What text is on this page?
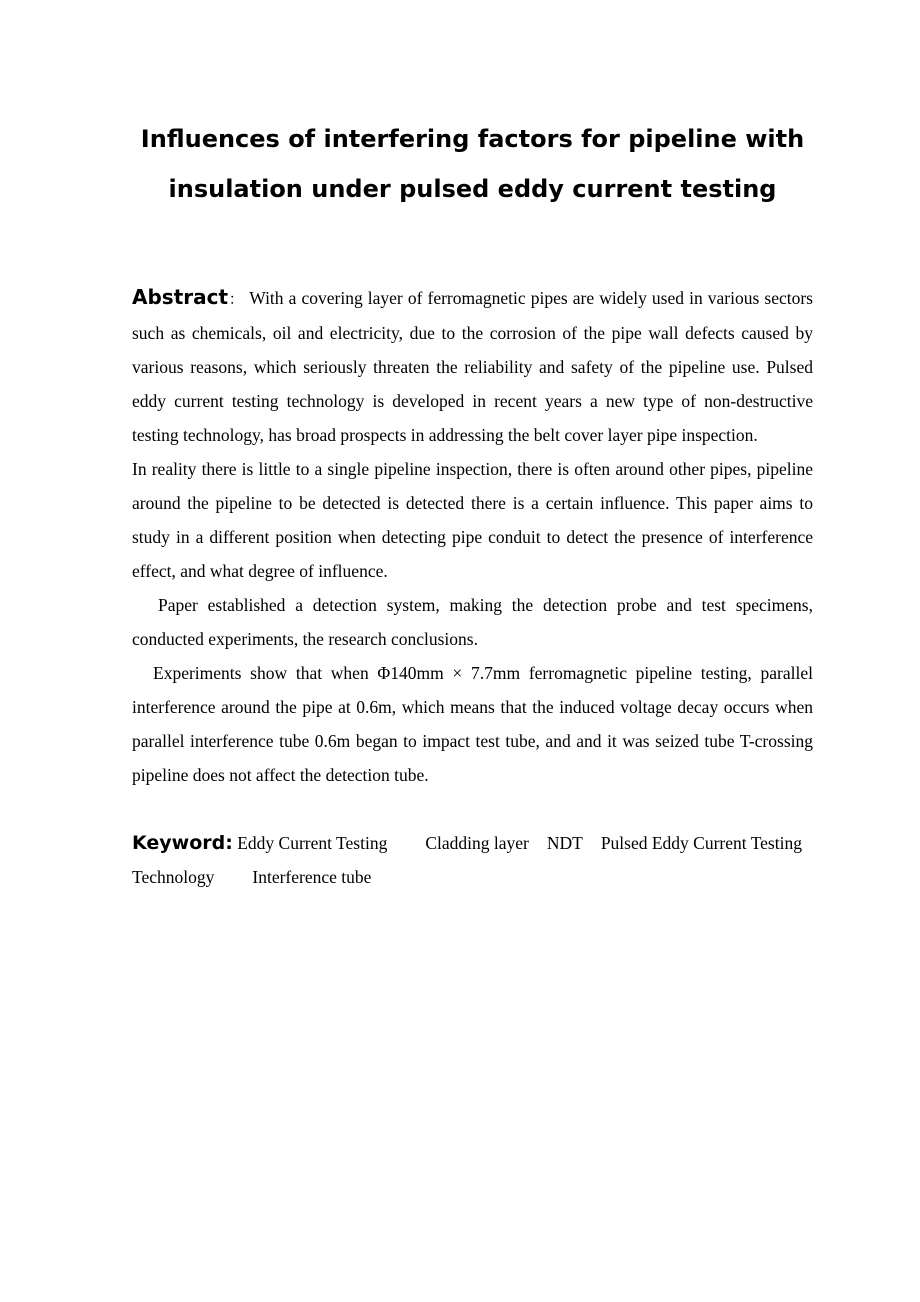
Influences of interfering factors for pipeline with
insulation under pulsed eddy current testing

Abstract： With a covering layer of ferromagnetic pipes are widely used in various sectors such as chemicals, oil and electricity, due to the corrosion of the pipe wall defects caused by various reasons, which seriously threaten the reliability and safety of the pipeline use. Pulsed eddy current testing technology is developed in recent years a new type of non-destructive testing technology, has broad prospects in addressing the belt cover layer pipe inspection.

In reality there is little to a single pipeline inspection, there is often around other pipes, pipeline around the pipeline to be detected is detected there is a certain influence. This paper aims to study in a different position when detecting pipe conduit to detect the presence of interference effect, and what degree of influence.

Paper established a detection system, making the detection probe and test specimens, conducted experiments, the research conclusions.

Experiments show that when Φ140mm × 7.7mm ferromagnetic pipeline testing, parallel interference around the pipe at 0.6m, which means that the induced voltage decay occurs when parallel interference tube 0.6m began to impact test tube, and and it was seized tube T-crossing pipeline does not affect the detection tube.

Keyword: Eddy Current Testing Cladding layer NDT Pulsed Eddy Current Testing Technology Interference tube
